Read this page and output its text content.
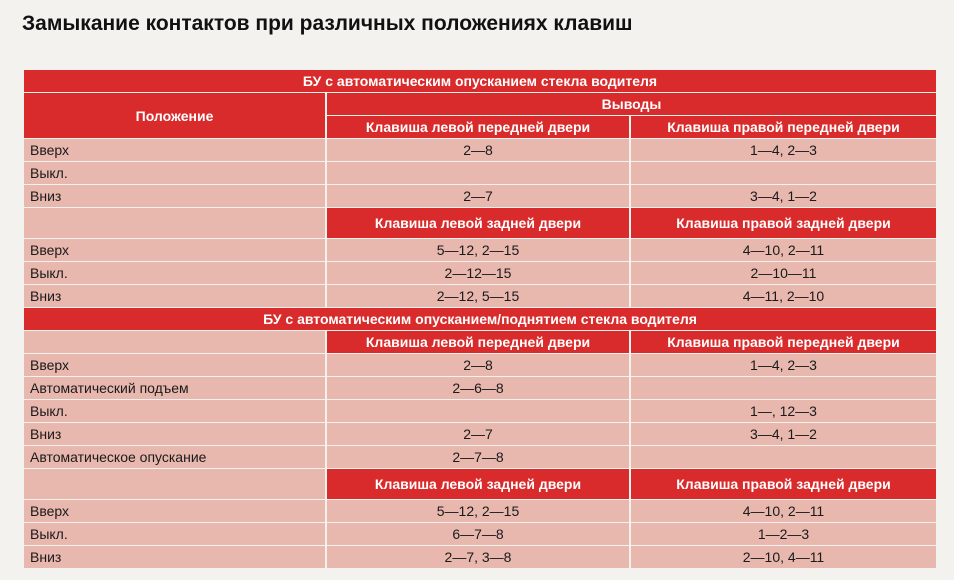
Замыкание контактов при различных положениях клавиш
БУ с автоматическим опусканием стекла водителя		
Положение	Выводы	
	Клавиша левой передней двери	Клавиша правой передней двери
Вверх	2—8	1—4, 2—3
Выкл.		
Вниз	2—7	3—4, 1—2
	Клавиша левой задней двери	Клавиша правой задней двери
Вверх	5—12, 2—15	4—10, 2—11
Выкл.	2—12—15	2—10—11
Вниз	2—12, 5—15	4—11, 2—10
БУ с автоматическим опусканием/поднятием стекла водителя		
	Клавиша левой передней двери	Клавиша правой передней двери
Вверх	2—8	1—4, 2—3
Автоматический подъем	2—6—8	
Выкл.		1—, 12—3
Вниз	2—7	3—4, 1—2
Автоматическое опускание	2—7—8	
	Клавиша левой задней двери	Клавиша правой задней двери
Вверх	5—12, 2—15	4—10, 2—11
Выкл.	6—7—8	1—2—3
Вниз	2—7, 3—8	2—10, 4—11
